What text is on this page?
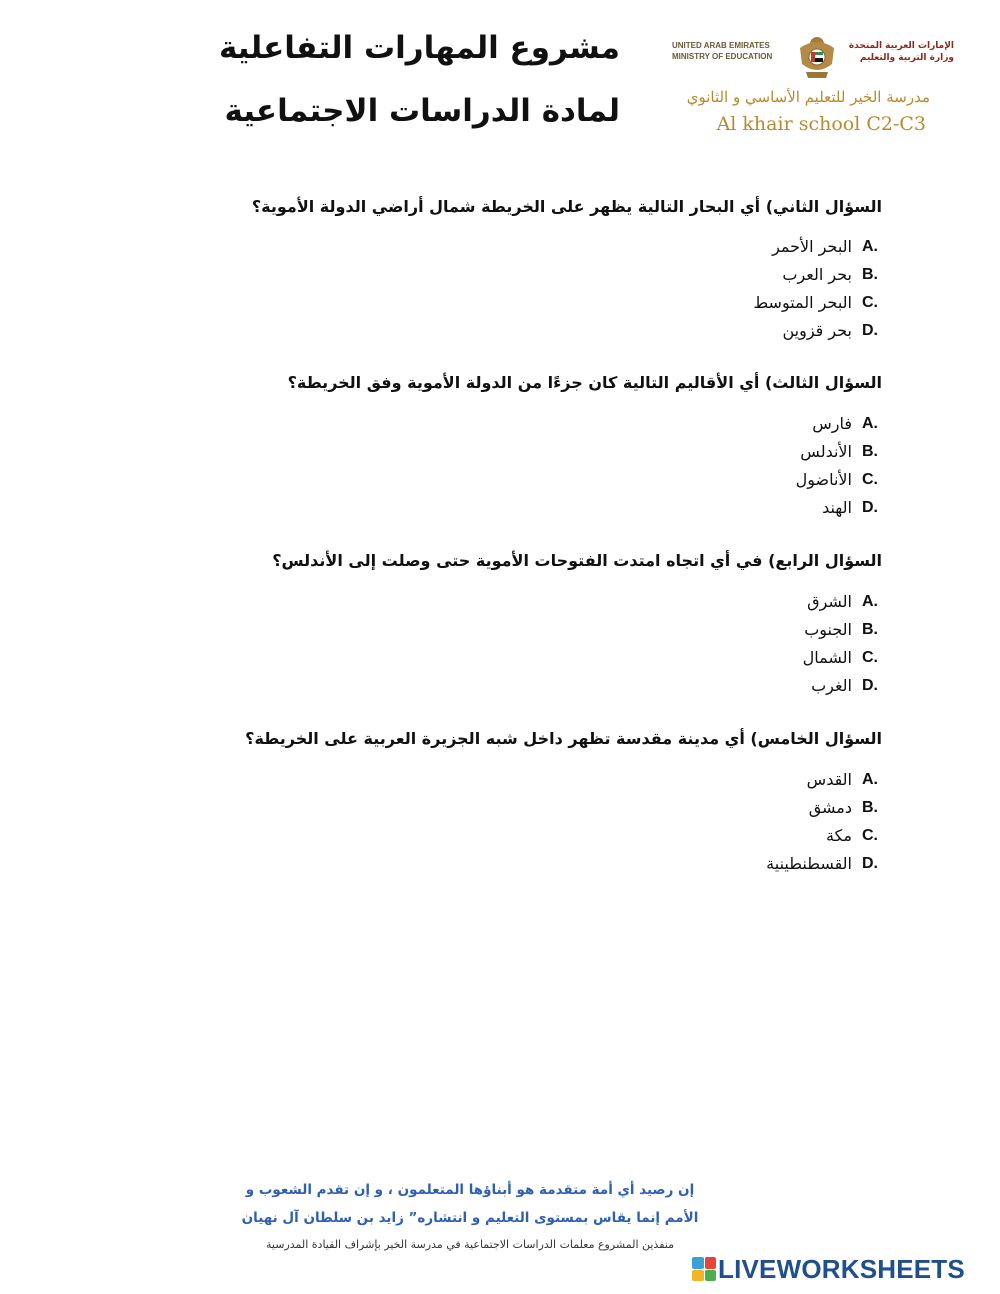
مشروع المهارات التفاعلية
لمادة الدراسات الاجتماعية
UNITED ARAB EMIRATES
MINISTRY OF EDUCATION
الإمارات العربية المتحدة
وزارة التربية والتعليم
مدرسة الخير للتعليم الأساسي و الثانوي
Al khair school C2-C3
السؤال الثاني) أي البحار التالية يظهر على الخريطة شمال أراضي الدولة الأموية؟
A.
البحر الأحمر
B.
بحر العرب
C.
البحر المتوسط
D.
بحر قزوين
السؤال الثالث) أي الأقاليم التالية كان جزءًا من الدولة الأموية وفق الخريطة؟
A.
فارس
B.
الأندلس
C.
الأناضول
D.
الهند
السؤال الرابع) في أي اتجاه امتدت الفتوحات الأموية حتى وصلت إلى الأندلس؟
A.
الشرق
B.
الجنوب
C.
الشمال
D.
الغرب
السؤال الخامس) أي مدينة مقدسة تظهر داخل شبه الجزيرة العربية على الخريطة؟
A.
القدس
B.
دمشق
C.
مكة
D.
القسطنطينية
إن رصيد أي أمة متقدمة هو أبناؤها المتعلمون ، و إن تقدم الشعوب و
الأمم إنما يقاس بمستوى التعليم و انتشاره” زايد بن سلطان آل نهيان
منفذين المشروع معلمات الدراسات الاجتماعية في مدرسة الخير بإشراف القيادة المدرسية
LIVEWORKSHEETS
